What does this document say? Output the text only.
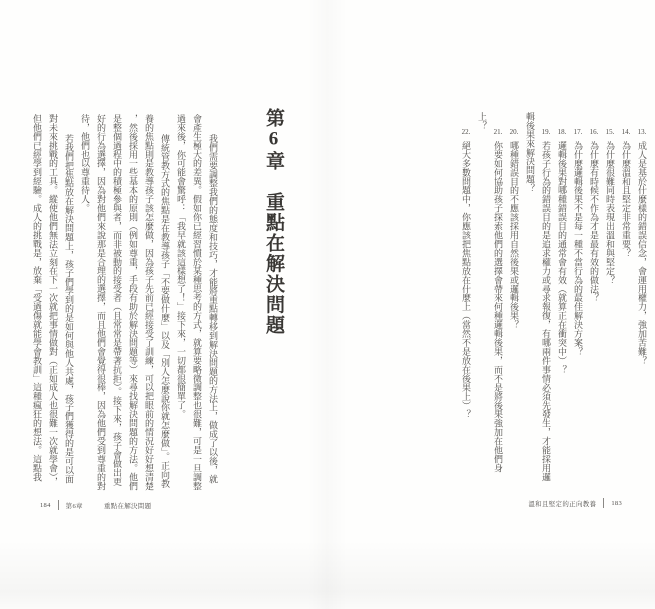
第6章　重點在解決問題

我們需要調整我們的態度和技巧，才能將重點轉移到解決問題的方法上，做成了以後，就會產生極大的差異。假如你已經習慣於某種思考的方式，就算要略微調整也很難，可是一旦調整過來後，你可能會驚呼：「我早就該這樣想了！」接下來，一切都很簡單了。

傳統管教方式的焦點是在教導孩子「不要做什麼」以及「別人怎麼說你就怎麼做」。正向教養的焦點則是教導孩子該怎麼做，因為孩子先前已經接受了訓練，可以把眼前的情況好好想清楚，然後採用一些基本的原則（例如尊重，手段有助於解決問題等）來尋找解決問題的方法。他們是整個過程中的積極參與者，而非被動的接受者（且常常是帶著抗拒）。接下來，孩子會做出更好的行為選擇，因為對他們來說那是合理的選擇，而且他們會覺得很棒，因為他們受到尊重的對待，他們也以尊重待人。

若我們把焦點放在解決問題上，孩子們學到的是如何與他人共處，孩子們獲得的是可以面對未來挑戰的工具。縱使他們無法立刻在下一次就把事情做對（正如成人也很難一次就學會），但他們已經學到經驗。成人的挑戰是，放棄「受過傷就能學會教訓」這種瘋狂的想法。這點我

184 第6章	重點在解決問題
13.成人是基於什麼樣的錯誤信念，會運用權力，強加苦難？
14.為什麼溫和且堅定非常重要？
15.為什麼很難同時表現出溫和與堅定？
16.為什麼有時候不作為才是最有效的做法？
17.為什麼邏輯後果不是每一種不當行為的最佳解決方案？
18.邏輯後果對哪種錯誤目的通常會有效（就算正在衝突中）？
19.若孩子行為的錯誤目的是追求權力或尋求報復，有哪兩件事情必須先發生，才能採用邏輯後果來解決問題？
20.哪種錯誤目的不應該採用自然後果或邏輯後果？
21.你要如何協助孩子探索他們的選擇會帶來何種邏輯後果，而不是將後果強加在他們身上？
22.絕大多數問題中，你應該把焦點放在什麼上（當然不是放在後果上）？
溫和且堅定的正向教養 183
